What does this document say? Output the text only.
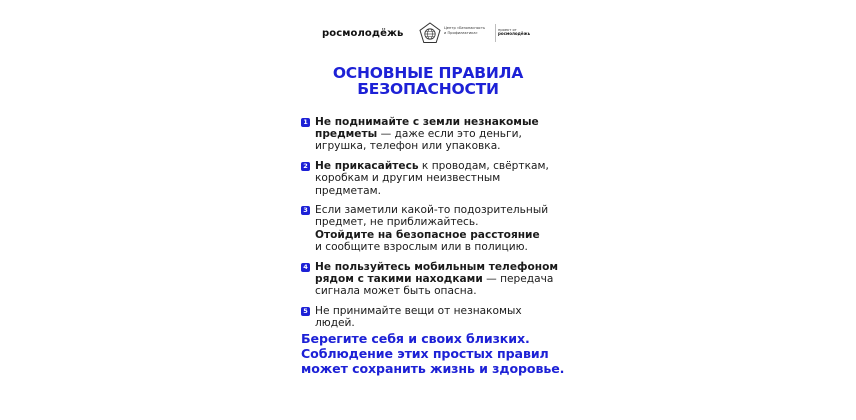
росмолодёжь	Центр «Безопасность
и Профилактика»
проект от
росмолодёжь
ОСНОВНЫЕ ПРАВИЛА
БЕЗОПАСНОСТИ
1 Не поднимайте с земли незнакомые предметы — даже если это деньги, игрушка, телефон или упаковка.
2 Не прикасайтесь к проводам, свёрткам, коробкам и другим неизвестным предметам.
3 Если заметили какой-то подозрительный предмет, не приближайтесь.
Отойдите на безопасное расстояние
и сообщите взрослым или в полицию.
4 Не пользуйтесь мобильным телефоном рядом с такими находками — передача сигнала может быть опасна.
5 Не принимайте вещи от незнакомых людей.
Берегите себя и своих близких.
Соблюдение этих простых правил
может сохранить жизнь и здоровье.
